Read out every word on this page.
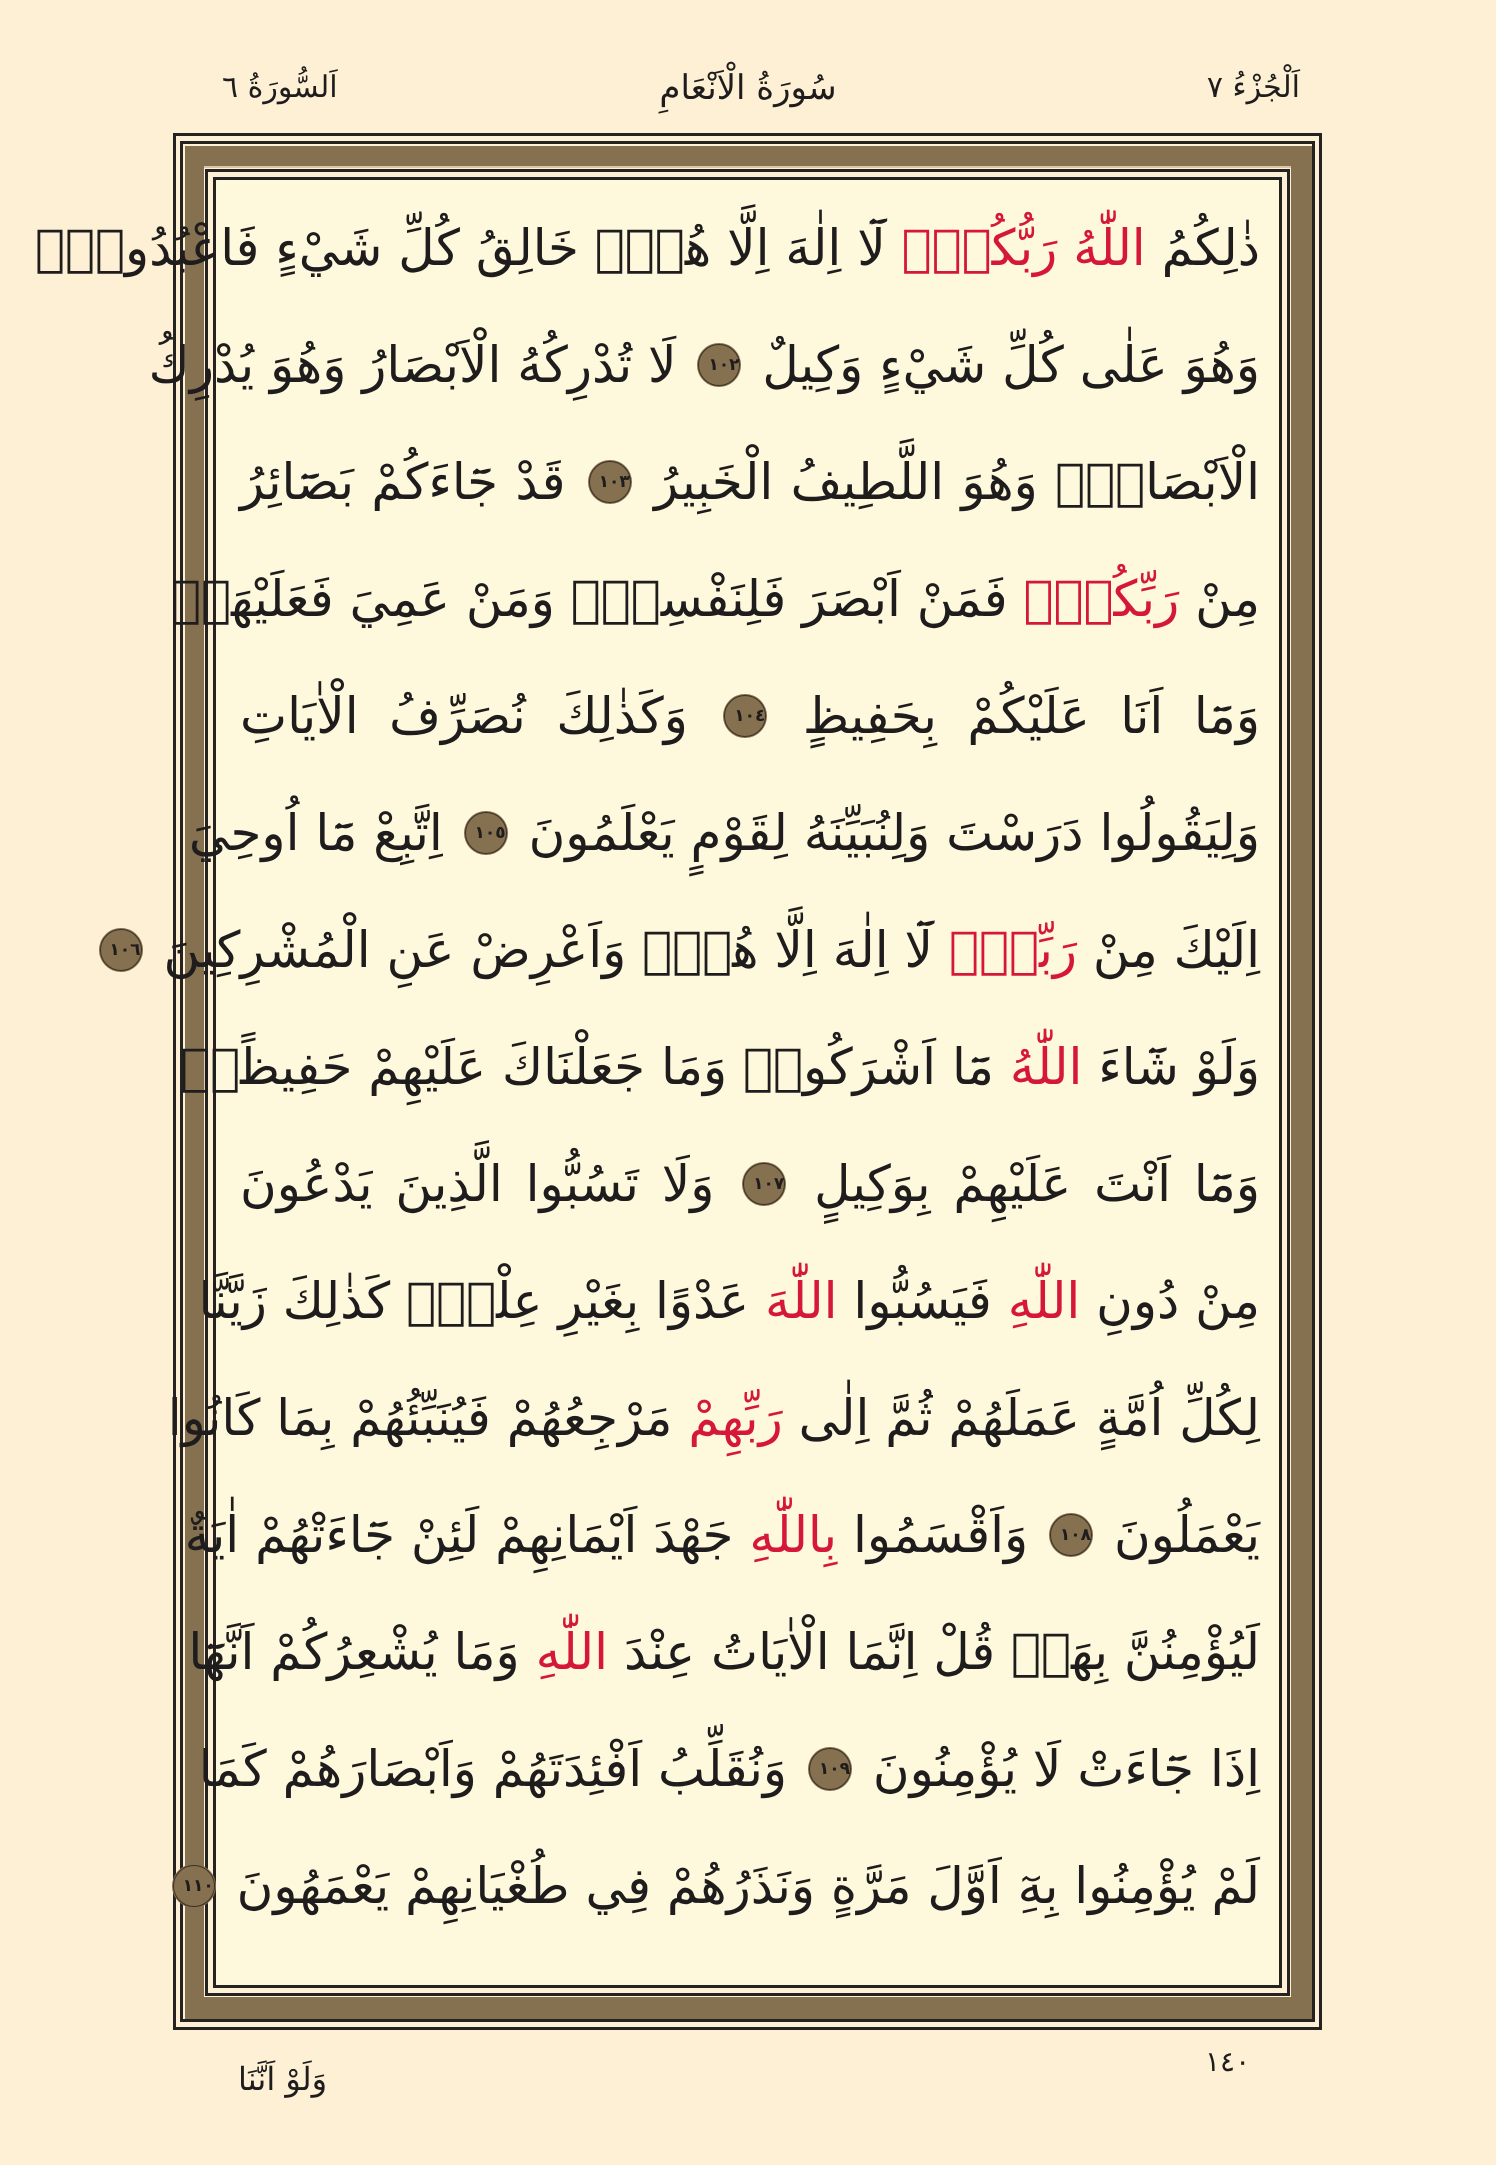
اَلْجُزْءُ ٧
سُورَةُ الْاَنْعَامِ
اَلسُّورَةُ ٦
ذٰلِكُمُ اللّٰهُ رَبُّكُمْۚ لَٓا اِلٰهَ اِلَّا هُوَۚ خَالِقُ كُلِّ شَيْءٍ فَاعْبُدُوهُۚ
وَهُوَ عَلٰى كُلِّ شَيْءٍ وَكِيلٌ ١٠٢ لَا تُدْرِكُهُ الْاَبْصَارُ وَهُوَ يُدْرِكُ
الْاَبْصَارَۚ وَهُوَ اللَّطِيفُ الْخَبِيرُ ١٠٣ قَدْ جَٓاءَكُمْ بَصَٓائِرُ
مِنْ رَبِّكُمْۚ فَمَنْ اَبْصَرَ فَلِنَفْسِهِۚ وَمَنْ عَمِيَ فَعَلَيْهَاۜ
وَمَٓا اَنَا عَلَيْكُمْ بِحَفِيظٍ ١٠٤ وَكَذٰلِكَ نُصَرِّفُ الْاٰيَاتِ
وَلِيَقُولُوا دَرَسْتَ وَلِنُبَيِّنَهُ لِقَوْمٍ يَعْلَمُونَ ١٠٥ اِتَّبِعْ مَٓا اُوحِيَ
اِلَيْكَ مِنْ رَبِّكَۚ لَٓا اِلٰهَ اِلَّا هُوَۚ وَاَعْرِضْ عَنِ الْمُشْرِكِينَ ١٠٦
وَلَوْ شَٓاءَ اللّٰهُ مَٓا اَشْرَكُواۜ وَمَا جَعَلْنَاكَ عَلَيْهِمْ حَفِيظًاۚ
وَمَٓا اَنْتَ عَلَيْهِمْ بِوَكِيلٍ ١٠٧ وَلَا تَسُبُّوا الَّذِينَ يَدْعُونَ
مِنْ دُونِ اللّٰهِ فَيَسُبُّوا اللّٰهَ عَدْوًا بِغَيْرِ عِلْمٍۜ كَذٰلِكَ زَيَّنَّا
لِكُلِّ اُمَّةٍ عَمَلَهُمْ ثُمَّ اِلٰى رَبِّهِمْ مَرْجِعُهُمْ فَيُنَبِّئُهُمْ بِمَا كَانُوا
يَعْمَلُونَ ١٠٨ وَاَقْسَمُوا بِاللّٰهِ جَهْدَ اَيْمَانِهِمْ لَئِنْ جَٓاءَتْهُمْ اٰيَةٌ
لَيُؤْمِنُنَّ بِهَاۜ قُلْ اِنَّمَا الْاٰيَاتُ عِنْدَ اللّٰهِ وَمَا يُشْعِرُكُمْ اَنَّهَٓا
اِذَا جَٓاءَتْ لَا يُؤْمِنُونَ ١٠٩ وَنُقَلِّبُ اَفْئِدَتَهُمْ وَاَبْصَارَهُمْ كَمَا
لَمْ يُؤْمِنُوا بِهِٓ اَوَّلَ مَرَّةٍ وَنَذَرُهُمْ فِي طُغْيَانِهِمْ يَعْمَهُونَ ١١٠
١٤٠
وَلَوْ اَنَّنَا
